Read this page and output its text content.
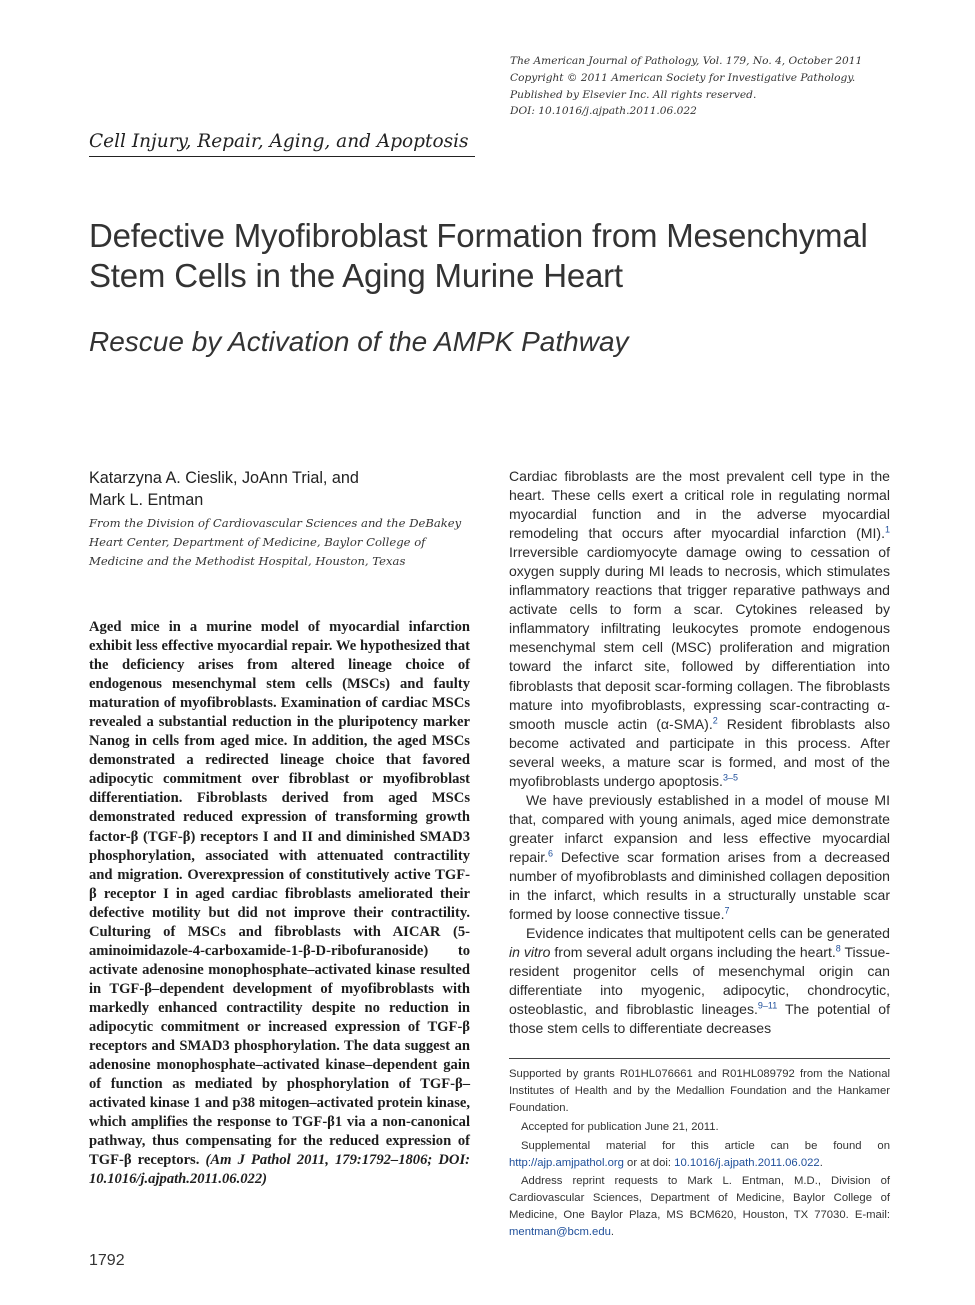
The American Journal of Pathology, Vol. 179, No. 4, October 2011
Copyright © 2011 American Society for Investigative Pathology.
Published by Elsevier Inc. All rights reserved.
DOI: 10.1016/j.ajpath.2011.06.022
Cell Injury, Repair, Aging, and Apoptosis
Defective Myofibroblast Formation from Mesenchymal
Stem Cells in the Aging Murine Heart
Rescue by Activation of the AMPK Pathway
Katarzyna A. Cieslik, JoAnn Trial, and
Mark L. Entman
From the Division of Cardiovascular Sciences and the DeBakey Heart Center, Department of Medicine, Baylor College of Medicine and the Methodist Hospital, Houston, Texas
Aged mice in a murine model of myocardial infarction exhibit less effective myocardial repair. We hypothesized that the deficiency arises from altered lineage choice of endogenous mesenchymal stem cells (MSCs) and faulty maturation of myofibroblasts. Examination of cardiac MSCs revealed a substantial reduction in the pluripotency marker Nanog in cells from aged mice. In addition, the aged MSCs demonstrated a redirected lineage choice that favored adipocytic commitment over fibroblast or myofibroblast differentiation. Fibroblasts derived from aged MSCs demonstrated reduced expression of transforming growth factor-β (TGF-β) receptors I and II and diminished SMAD3 phosphorylation, associated with attenuated contractility and migration. Overexpression of constitutively active TGF-β receptor I in aged cardiac fibroblasts ameliorated their defective motility but did not improve their contractility. Culturing of MSCs and fibroblasts with AICAR (5-aminoimidazole-4-carboxamide-1-β-D-ribofuranoside) to activate adenosine monophosphate–activated kinase resulted in TGF-β–dependent development of myofibroblasts with markedly enhanced contractility despite no reduction in adipocytic commitment or increased expression of TGF-β receptors and SMAD3 phosphorylation. The data suggest an adenosine monophosphate–activated kinase–dependent gain of function as mediated by phosphorylation of TGF-β–activated kinase 1 and p38 mitogen–activated protein kinase, which amplifies the response to TGF-β1 via a non-canonical pathway, thus compensating for the reduced expression of TGF-β receptors. (Am J Pathol 2011, 179:1792–1806; DOI: 10.1016/j.ajpath.2011.06.022)

Cardiac fibroblasts are the most prevalent cell type in the heart. These cells exert a critical role in regulating normal myocardial function and in the adverse myocardial remodeling that occurs after myocardial infarction (MI).$^1$ Irreversible cardiomyocyte damage owing to cessation of oxygen supply during MI leads to necrosis, which stimulates inflammatory reactions that trigger reparative pathways and activate cells to form a scar. Cytokines released by inflammatory infiltrating leukocytes promote endogenous mesenchymal stem cell (MSC) proliferation and migration toward the infarct site, followed by differentiation into fibroblasts that deposit scar-forming collagen. The fibroblasts mature into myofibroblasts, expressing scar-contracting α-smooth muscle actin (α-SMA).$^2$ Resident fibroblasts also become activated and participate in this process. After several weeks, a mature scar is formed, and most of the myofibroblasts undergo apoptosis.$^{3-5}$

We have previously established in a model of mouse MI that, compared with young animals, aged mice demonstrate greater infarct expansion and less effective myocardial repair.$^6$ Defective scar formation arises from a decreased number of myofibroblasts and diminished collagen deposition in the infarct, which results in a structurally unstable scar formed by loose connective tissue.$^7$

Evidence indicates that multipotent cells can be generated in vitro from several adult organs including the heart.$^8$ Tissue-resident progenitor cells of mesenchymal origin can differentiate into myogenic, adipocytic, chondrocytic, osteoblastic, and fibroblastic lineages.$^{9-11}$ The potential of those stem cells to differentiate decreases

Supported by grants R01HL076661 and R01HL089792 from the National Institutes of Health and by the Medallion Foundation and the Hankamer Foundation.

Accepted for publication June 21, 2011.

Supplemental material for this article can be found on http://ajp.amjpathol.org or at doi: 10.1016/j.ajpath.2011.06.022.

Address reprint requests to Mark L. Entman, M.D., Division of Cardiovascular Sciences, Department of Medicine, Baylor College of Medicine, One Baylor Plaza, MS BCM620, Houston, TX 77030. E-mail: mentman@bcm.edu.

1792
